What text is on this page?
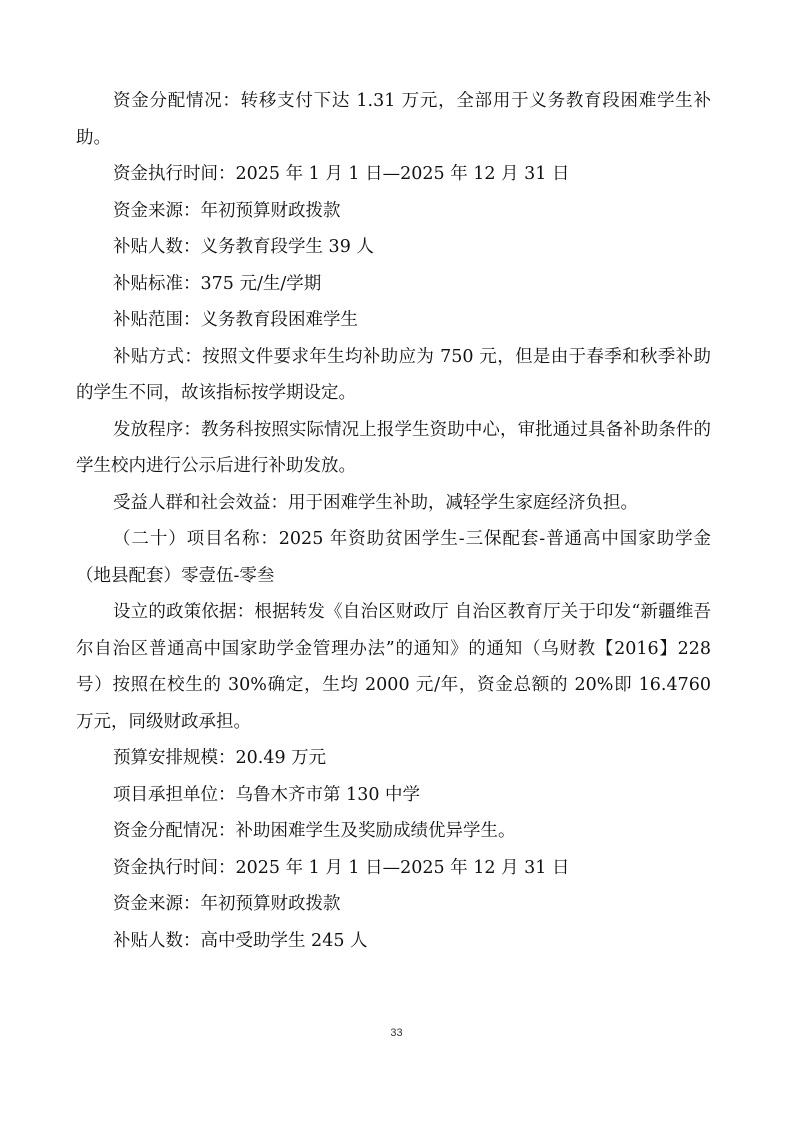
资金分配情况：转移支付下达 1.31 万元，全部用于义务教育段困难学生补助。

资金执行时间：2025 年 1 月 1 日—2025 年 12 月 31 日

资金来源：年初预算财政拨款

补贴人数：义务教育段学生 39 人

补贴标准：375 元/生/学期

补贴范围：义务教育段困难学生

补贴方式：按照文件要求年生均补助应为 750 元，但是由于春季和秋季补助的学生不同，故该指标按学期设定。

发放程序：教务科按照实际情况上报学生资助中心，审批通过具备补助条件的学生校内进行公示后进行补助发放。

受益人群和社会效益：用于困难学生补助，减轻学生家庭经济负担。

（二十）项目名称：2025 年资助贫困学生-三保配套-普通高中国家助学金（地县配套）零壹伍-零叁

设立的政策依据：根据转发《自治区财政厅 自治区教育厅关于印发“新疆维吾尔自治区普通高中国家助学金管理办法”的通知》的通知（乌财教【2016】228 号）按照在校生的 30%确定，生均 2000 元/年，资金总额的 20%即 16.4760 万元，同级财政承担。

预算安排规模：20.49 万元

项目承担单位：乌鲁木齐市第 130 中学

资金分配情况：补助困难学生及奖励成绩优异学生。

资金执行时间：2025 年 1 月 1 日—2025 年 12 月 31 日

资金来源：年初预算财政拨款

补贴人数：高中受助学生 245 人

33
